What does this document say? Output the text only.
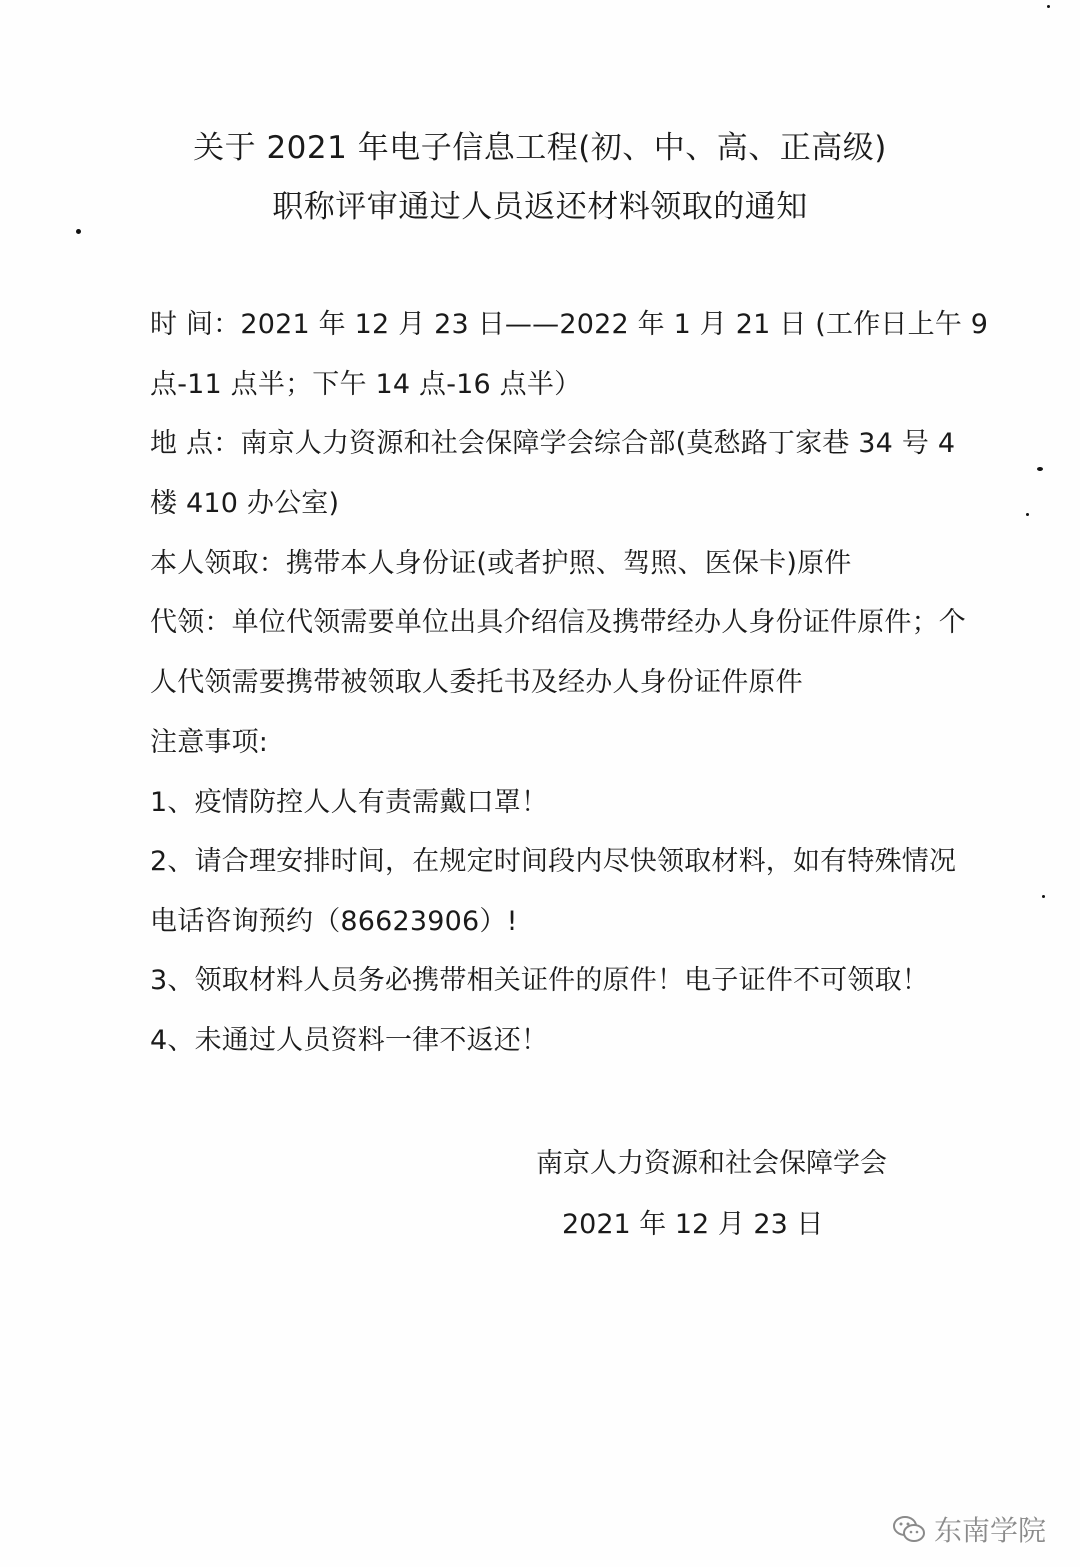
关于 2021 年电子信息工程(初、中、高、正高级)
职称评审通过人员返还材料领取的通知
时 间：2021 年 12 月 23 日——2022 年 1 月 21 日 (工作日上午 9
点-11 点半；下午 14 点-16 点半）
地 点：南京人力资源和社会保障学会综合部(莫愁路丁家巷 34 号 4
楼 410 办公室)
本人领取：携带本人身份证(或者护照、驾照、医保卡)原件
代领：单位代领需要单位出具介绍信及携带经办人身份证件原件；个
人代领需要携带被领取人委托书及经办人身份证件原件
注意事项:
1、疫情防控人人有责需戴口罩！
2、请合理安排时间，在规定时间段内尽快领取材料，如有特殊情况
电话咨询预约（86623906）!
3、领取材料人员务必携带相关证件的原件！电子证件不可领取！
4、未通过人员资料一律不返还！
南京人力资源和社会保障学会
2021 年 12 月 23 日
东南学院
